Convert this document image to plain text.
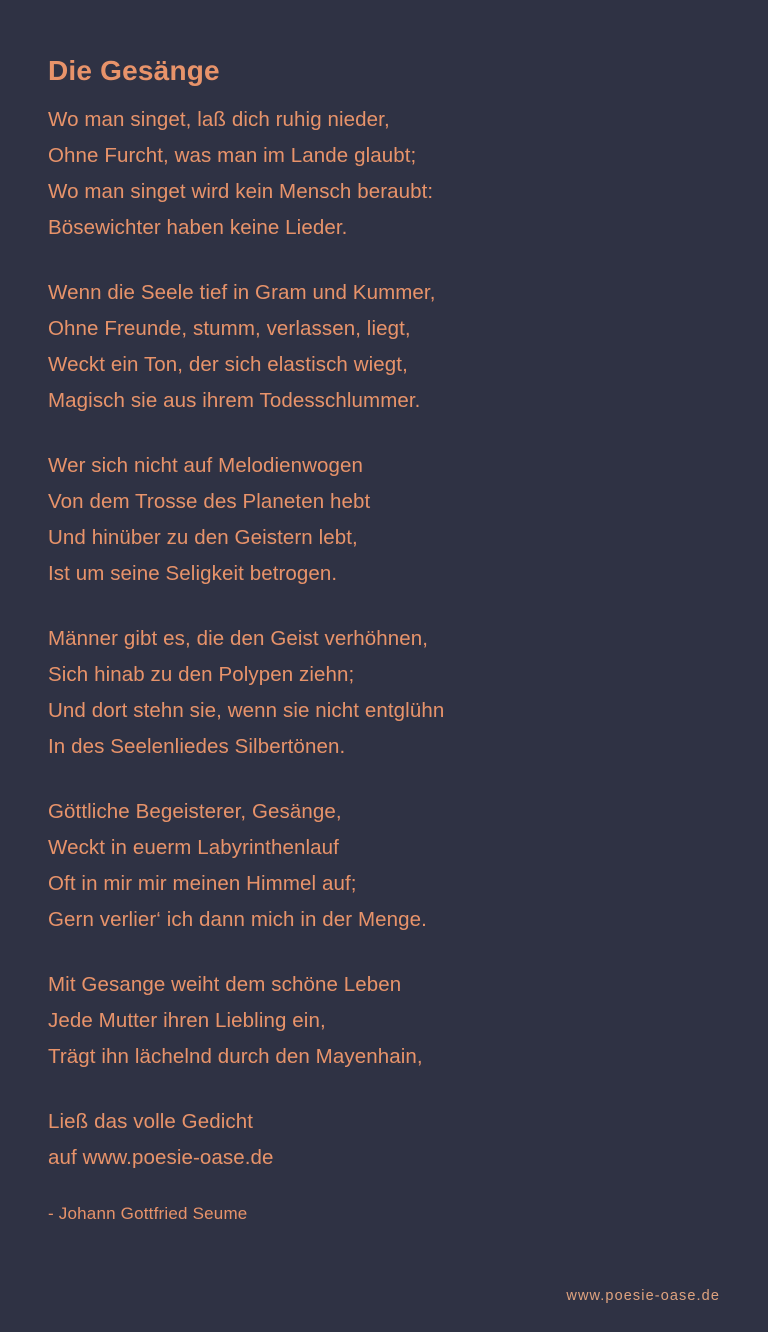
Die Gesänge
Wo man singet, laß dich ruhig nieder,
Ohne Furcht, was man im Lande glaubt;
Wo man singet wird kein Mensch beraubt:
Bösewichter haben keine Lieder.
Wenn die Seele tief in Gram und Kummer,
Ohne Freunde, stumm, verlassen, liegt,
Weckt ein Ton, der sich elastisch wiegt,
Magisch sie aus ihrem Todesschlummer.
Wer sich nicht auf Melodienwogen
Von dem Trosse des Planeten hebt
Und hinüber zu den Geistern lebt,
Ist um seine Seligkeit betrogen.
Männer gibt es, die den Geist verhöhnen,
Sich hinab zu den Polypen ziehn;
Und dort stehn sie, wenn sie nicht entglühn
In des Seelenliedes Silbertönen.
Göttliche Begeisterer, Gesänge,
Weckt in euerm Labyrinthenlauf
Oft in mir mir meinen Himmel auf;
Gern verlier‘ ich dann mich in der Menge.
Mit Gesange weiht dem schöne Leben
Jede Mutter ihren Liebling ein,
Trägt ihn lächelnd durch den Mayenhain,
Ließ das volle Gedicht
auf www.poesie-oase.de
- Johann Gottfried Seume
www.poesie-oase.de
